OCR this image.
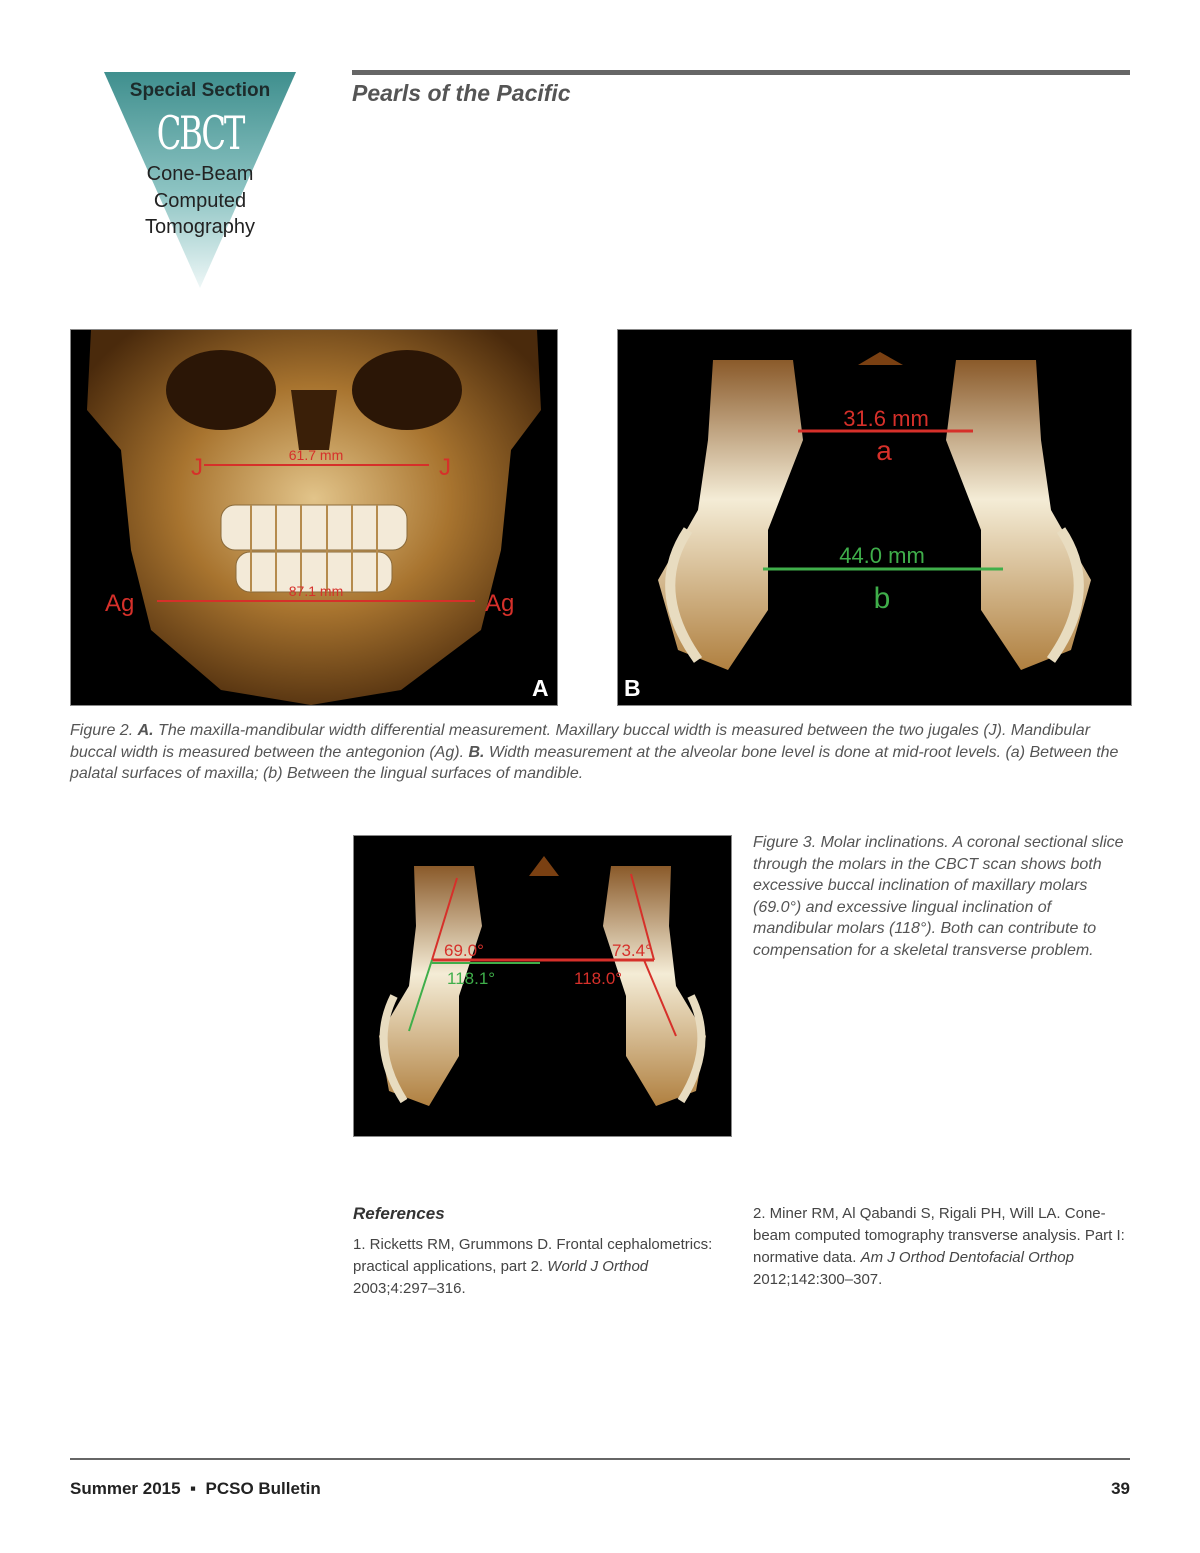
Special Section
CBCT
Cone-Beam
Computed
Tomography
Pearls of the Pacific
J	J
61.7 mm
Ag	Ag
87.1 mm
A
31.6 mm
a
44.0 mm
b
B
Figure 2. A. The maxilla-mandibular width differential measurement. Maxillary buccal width is measured between the two jugales (J). Mandibular buccal width is measured between the antegonion (Ag). B. Width measurement at the alveolar bone level is done at mid-root levels. (a) Between the palatal surfaces of maxilla; (b) Between the lingual surfaces of mandible.
69.0°	73.4°
118.1°	118.0°
Figure 3. Molar inclinations. A coronal sectional slice through the molars in the CBCT scan shows both excessive buccal inclination of maxillary molars (69.0°) and excessive lingual inclination of mandibular molars (118°). Both can contribute to compensation for a skeletal transverse problem.
References
1. Ricketts RM, Grummons D. Frontal cephalometrics: practical applications, part 2. World J Orthod 2003;4:297–316.
2. Miner RM, Al Qabandi S, Rigali PH, Will LA. Cone-beam computed tomography transverse analysis. Part I: normative data. Am J Orthod Dentofacial Orthop 2012;142:300–307.
Summer 2015  ▪  PCSO Bulletin	39
